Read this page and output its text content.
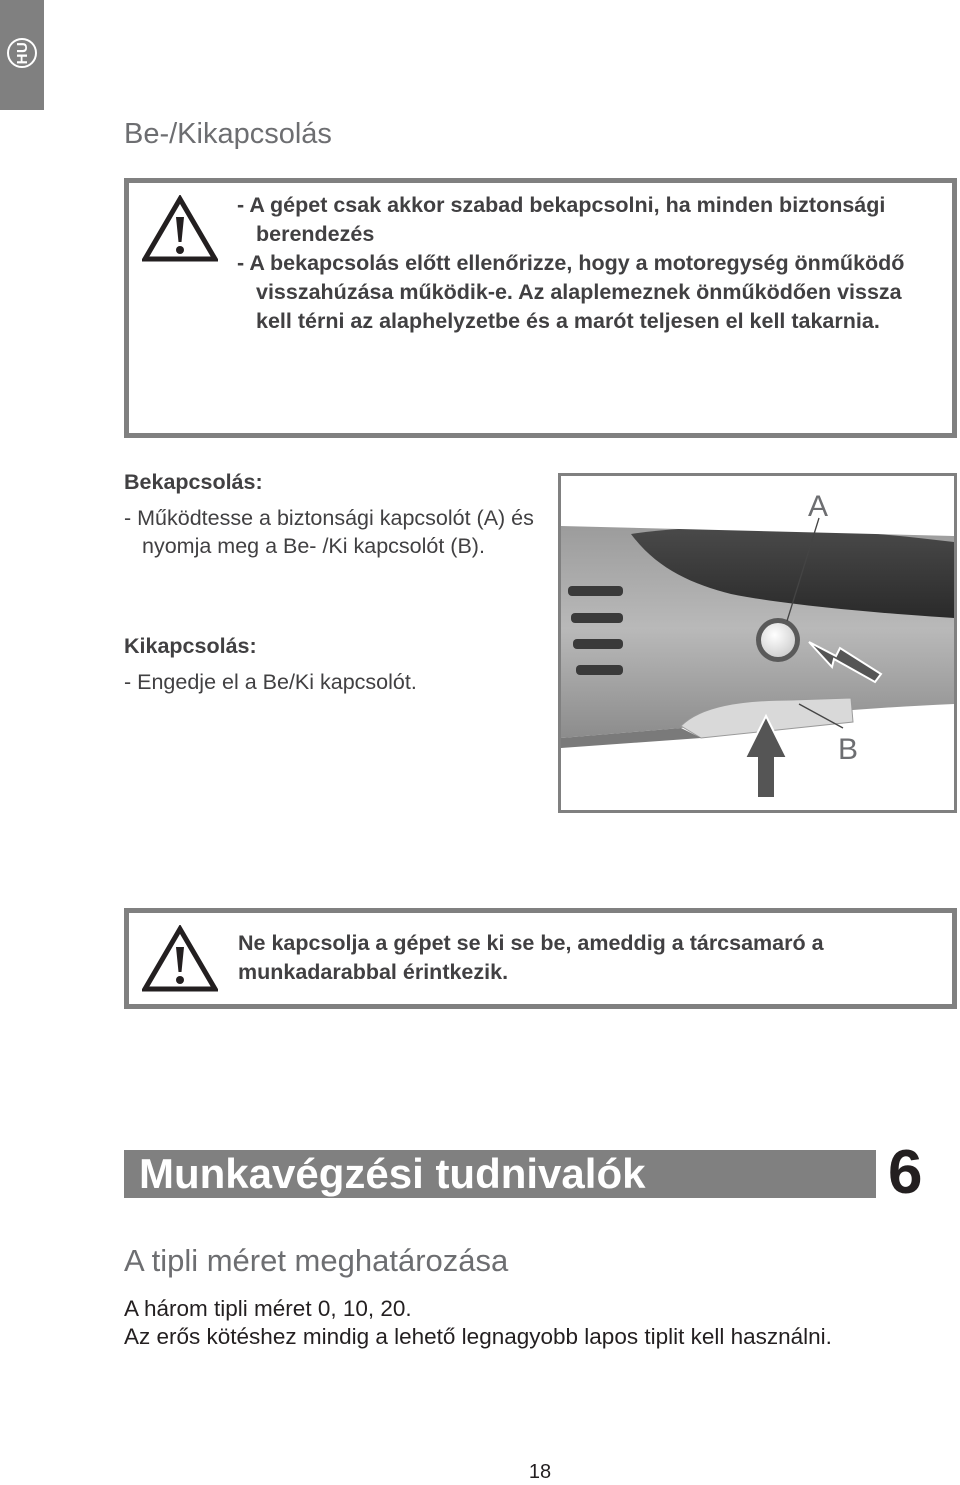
HU
Be-/Kikapcsolás
- A gépet csak akkor szabad bekapcsolni, ha minden biztonsági berendezés
- A bekapcsolás előtt ellenőrizze, hogy a motoregység önműködő visszahúzása működik-e. Az alaplemeznek önműködően vissza kell térni az alaphelyzetbe és a marót teljesen el kell takarnia.

Bekapcsolás:

- Működtesse a biztonsági kapcsolót (A) és nyomja meg a Be- /Ki kapcsolót (B).

Kikapcsolás:

- Engedje el a Be/Ki kapcsolót.

A
B
Ne kapcsolja a gépet se ki se be, ameddig a tárcsamaró a munkadarabbal érintkezik.
Munkavégzési tudnivalók	6
A tipli méret meghatározása

A három tipli méret 0, 10, 20.
Az erős kötéshez mindig a lehető legnagyobb lapos tiplit kell használni.

18
